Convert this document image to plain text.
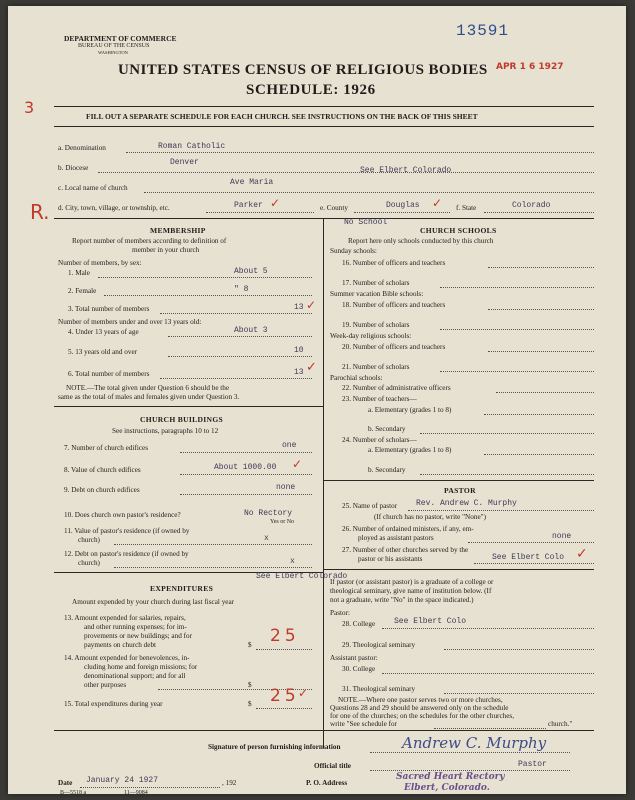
DEPARTMENT OF COMMERCE
BUREAU OF THE CENSUS
WASHINGTON
13591
APR 1 6 1927
UNITED STATES CENSUS OF RELIGIOUS BODIES
SCHEDULE: 1926
3	FILL OUT A SEPARATE SCHEDULE FOR EACH CHURCH. SEE INSTRUCTIONS ON THE BACK OF THIS SHEET
a. Denomination	Roman Catholic
b. Diocese
Denver
See Elbert Colorado
c. Local name of church
Ave Maria
R. d. City, town, village, or township, etc.	Parker ✓	e. County	Douglas ✓ f. State	Colorado
MEMBERSHIP
Report number of members according to definition of
member in your church
Number of members, by sex:
1. Male	About 5
2. Female	" 8
3. Total number of members	13 ✓
Number of members under and over 13 years old:
4. Under 13 years of age	About 3
5. 13 years old and over	10
6. Total number of members	13 ✓
NOTE.—The total given under Question 6 should be the
same as the total of males and females given under Question 3.
CHURCH BUILDINGS
See instructions, paragraphs 10 to 12
7. Number of church edifices	one
8. Value of church edifices	About 1000.00 ✓
9. Debt on church edifices	none
10. Does church own pastor's residence?	No Rectory
Yes or No
11. Value of pastor's residence (if owned by
church)	x
12. Debt on pastor's residence (if owned by
church)	x
See Elbert Colorado
EXPENDITURES
Amount expended by your church during last fiscal year
13. Amount expended for salaries, repairs,
and other running expenses; for im-
provements or new buildings; and for
payments on church debt	$ 25
14. Amount expended for benevolences, in-
cluding home and foreign missions; for
denominational support; and for all
other purposes	$
15. Total expenditures during year	$ 25
✓
No School
CHURCH SCHOOLS
Report here only schools conducted by this church
Sunday schools:
16. Number of officers and teachers
17. Number of scholars
Summer vacation Bible schools:
18. Number of officers and teachers
19. Number of scholars
Week-day religious schools:
20. Number of officers and teachers
21. Number of scholars
Parochial schools:
22. Number of administrative officers
23. Number of teachers—
a. Elementary (grades 1 to 8)
b. Secondary
24. Number of scholars—
a. Elementary (grades 1 to 8)
b. Secondary
PASTOR
25. Name of pastor Rev. Andrew C. Murphy
(If church has no pastor, write "None")
26. Number of ordained ministers, if any, em-
ployed as assistant pastors	none
27. Number of other churches served by the
pastor or his assistants	See Elbert Colo ✓
If pastor (or assistant pastor) is a graduate of a college or
theological seminary, give name of institution below. (If
not a graduate, write "No" in the space indicated.)
Pastor:
28. College See Elbert Colo
29. Theological seminary
Assistant pastor:
30. College
31. Theological seminary
NOTE.—Where one pastor serves two or more churches,
Questions 28 and 29 should be answered only on the schedule
for one of the churches; on the schedules for the other churches,
write "See schedule for	church."
Signature of person furnishing information	Andrew C. Murphy
Official title	Pastor
Date January 24 1927	, 192
B—5518 a	11—9084
P. O. Address
Sacred Heart Rectory
Elbert, Colorado.
